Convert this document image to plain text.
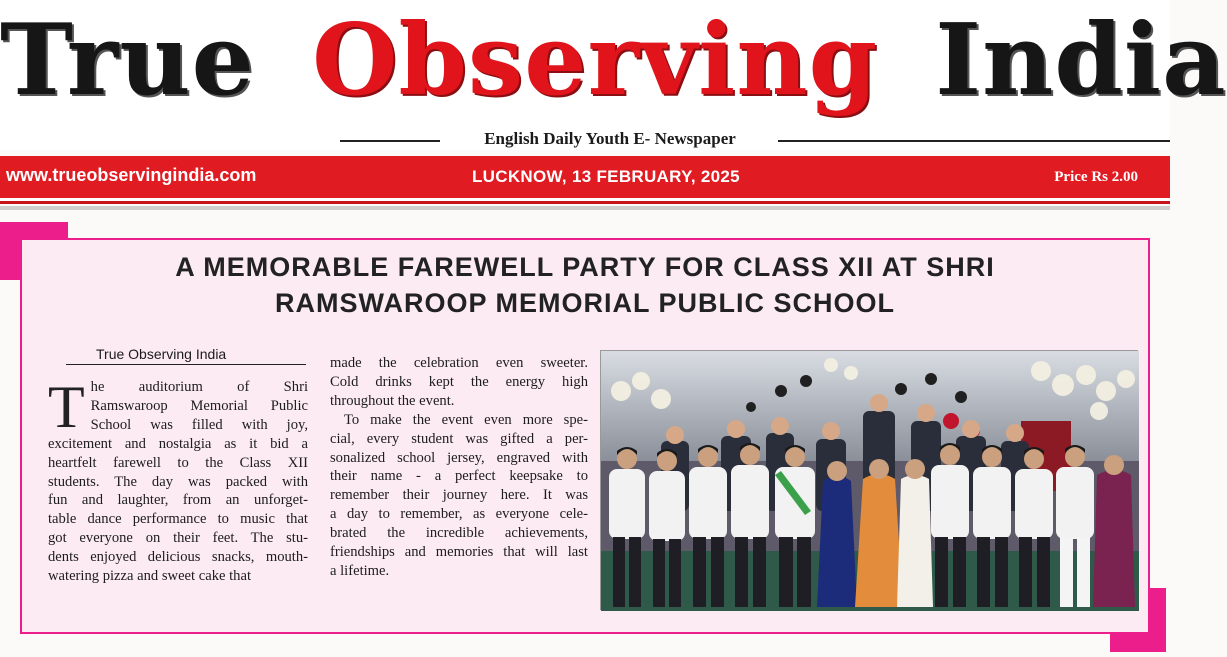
True Observing India
English Daily Youth E- Newspaper
www.trueobservingindia.com	LUCKNOW, 13 FEBRUARY, 2025	Price Rs 2.00
A MEMORABLE FAREWELL PARTY FOR CLASS XII AT SHRI
RAMSWAROOP MEMORIAL PUBLIC SCHOOL
True Observing India
T he auditorium of Shri
Ramswaroop Memorial Public
School was filled with joy,
excitement and nostalgia as it bid a
heartfelt farewell to the Class XII
students. The day was packed with
fun and laughter, from an unforget-
table dance performance to music that
got everyone on their feet. The stu-
dents enjoyed delicious snacks, mouth-
watering pizza and sweet cake that
made the celebration even sweeter.
Cold drinks kept the energy high
throughout the event.
To make the event even more spe-
cial, every student was gifted a per-
sonalized school jersey, engraved with
their name - a perfect keepsake to
remember their journey here. It was
a day to remember, as everyone cele-
brated the incredible achievements,
friendships and memories that will last
a lifetime.
